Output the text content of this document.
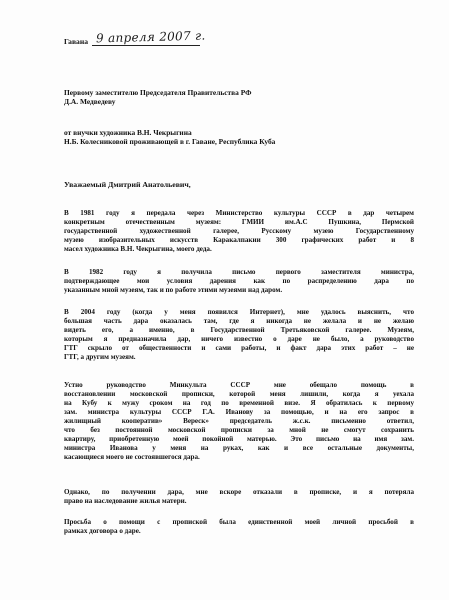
Гавана 9 апреля 2007 г.
Первому заместителю Председателя Правительства РФ
Д.А. Медведеву
от внучки художника В.Н. Чекрыгина
Н.Б. Колесниковой проживающей в г. Гаване, Республика Куба
Уважаемый Дмитрий Анатольевич,
В 1981 году я передала через Министерство культуры СССР в дар четырем
конкретным отечественным музеям: ГМИИ им.А.С Пушкина, Пермской
государственной художественной галерее, Русскому музею Государственному
музею изобразительных искусств Каракалпакии 300 графических работ и 8
масел художника В.Н. Чекрыгина, моего деда.
В 1982 году я получила письмо первого заместителя министра,
подтверждающее мои условия дарения как по распределению дара по
указанным мной музеям, так и по работе этими музеями над даром.
В 2004 году (когда у меня появился Интернет), мне удалось выяснить, что
большая часть дара оказалась там, где я никогда не желала и не желаю
видеть его, а именно, в Государственной Третьяковской галерее. Музеям,
которым я предназначила дар, ничего известно о даре не было, а руководство
ГТГ скрыло от общественности и сами работы, и факт дара этих работ – не
ГТГ, а другим музеям.
Устно руководство Минкульта СССР мне обещало помощь в
восстановлении московской прописки, которой меня лишили, когда я уехала
на Кубу к мужу сроком на год по временной визе. Я обратилась к первому
зам. министра культуры СССР Г.А. Иванову за помощью, и на его запрос в
жилищный кооператив» Вереск» председатель ж.с.к. письменно ответил,
что без постоянной московской прописки за мной не смогут сохранить
квартиру, приобретенную моей покойной матерью. Это письмо на имя зам.
министра Иванова у меня на руках, как и все остальные документы,
касающиеся моего не состоявшегося дара.
Однако, по получении дара, мне вскоре отказали в прописке, и я потеряла
право на наследование жилья матери.
Просьба о помощи с пропиской была единственной моей личной просьбой в
рамках договора о даре.
